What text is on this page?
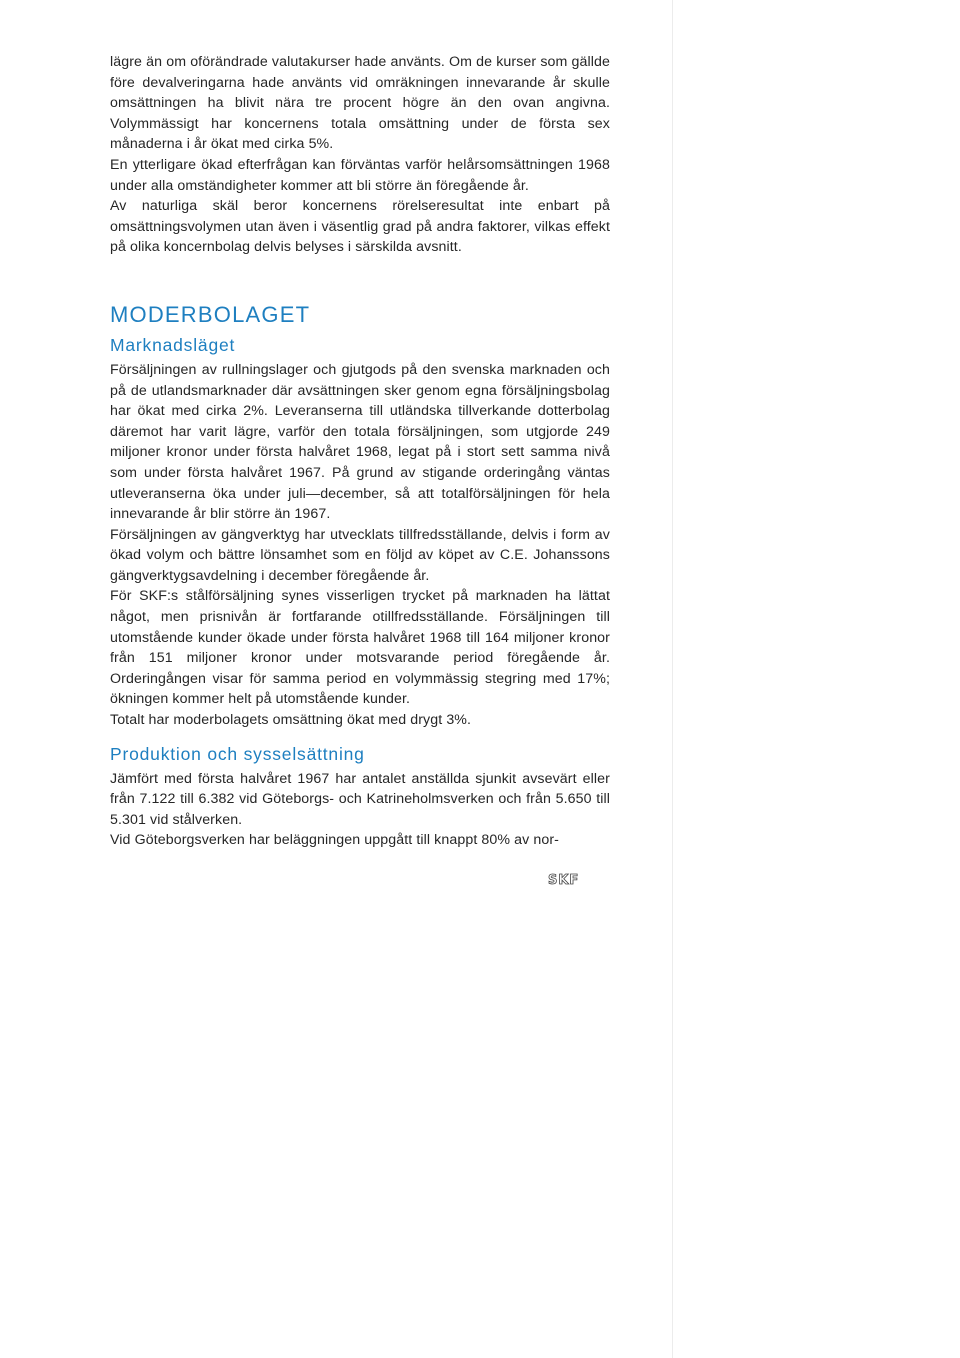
lägre än om oförändrade valutakurser hade använts. Om de kurser som gällde före devalveringarna hade använts vid omräkningen innevarande år skulle omsättningen ha blivit nära tre procent högre än den ovan angivna. Volymmässigt har koncernens totala omsättning under de första sex månaderna i år ökat med cirka 5%.

En ytterligare ökad efterfrågan kan förväntas varför helårsomsättningen 1968 under alla omständigheter kommer att bli större än föregående år.

Av naturliga skäl beror koncernens rörelseresultat inte enbart på omsättningsvolymen utan även i väsentlig grad på andra faktorer, vilkas effekt på olika koncernbolag delvis belyses i särskilda avsnitt.

MODERBOLAGET
Marknadsläget

Försäljningen av rullningslager och gjutgods på den svenska marknaden och på de utlandsmarknader där avsättningen sker genom egna försäljningsbolag har ökat med cirka 2%. Leveranserna till utländska tillverkande dotterbolag däremot har varit lägre, varför den totala försäljningen, som utgjorde 249 miljoner kronor under första halvåret 1968, legat på i stort sett samma nivå som under första halvåret 1967. På grund av stigande orderingång väntas utleveranserna öka under juli—december, så att totalförsäljningen för hela innevarande år blir större än 1967.

Försäljningen av gängverktyg har utvecklats tillfredsställande, delvis i form av ökad volym och bättre lönsamhet som en följd av köpet av C.E. Johanssons gängverktygsavdelning i december föregående år.

För SKF:s stålförsäljning synes visserligen trycket på marknaden ha lättat något, men prisnivån är fortfarande otillfredsställande. Försäljningen till utomstående kunder ökade under första halvåret 1968 till 164 miljoner kronor från 151 miljoner kronor under motsvarande period föregående år. Orderingången visar för samma period en volymmässig stegring med 17%; ökningen kommer helt på utomstående kunder.

Totalt har moderbolagets omsättning ökat med drygt 3%.

Produktion och sysselsättning

Jämfört med första halvåret 1967 har antalet anställda sjunkit avsevärt eller från 7.122 till 6.382 vid Göteborgs- och Katrineholmsverken och från 5.650 till 5.301 vid stålverken.

Vid Göteborgsverken har beläggningen uppgått till knappt 80% av nor-

SKF
